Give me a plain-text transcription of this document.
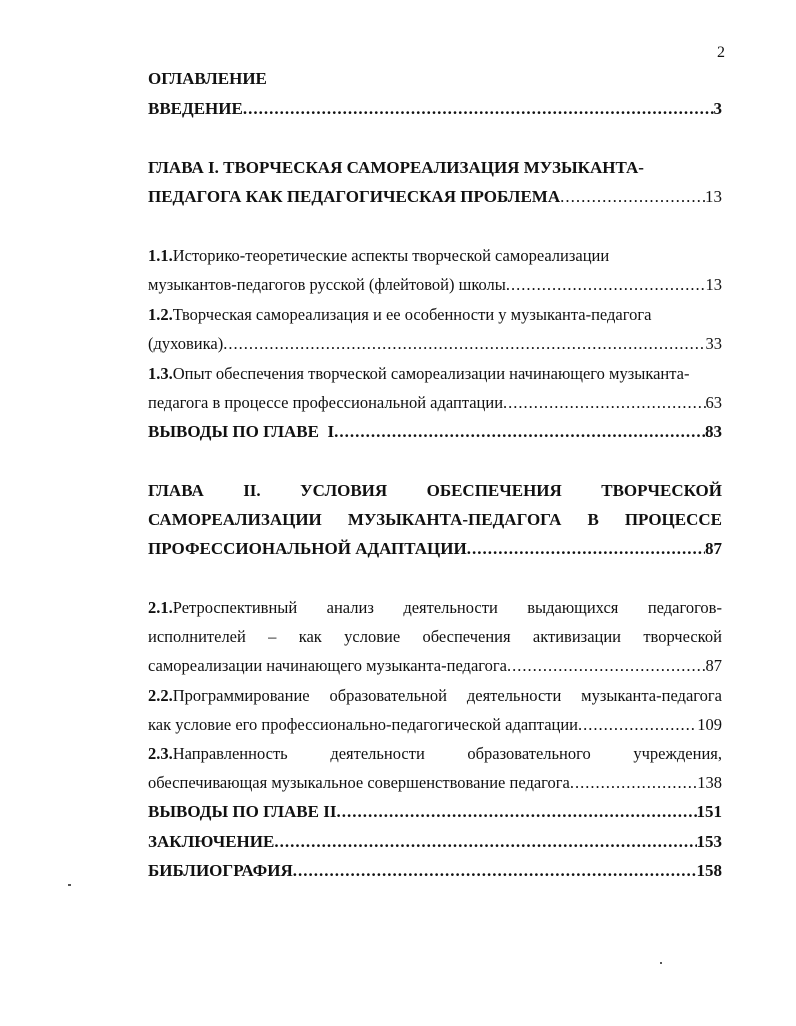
2
ОГЛАВЛЕНИЕ
ВВЕДЕНИЕ .....	3
ГЛАВА I. ТВОРЧЕСКАЯ САМОРЕАЛИЗАЦИЯ МУЗЫКАНТА-
ПЕДАГОГА КАК ПЕДАГОГИЧЕСКАЯ ПРОБЛЕМА .....	13
1.1.Историко-теоретические аспекты творческой самореализации
музыкантов-педагогов русской (флейтовой) школы .....	13
1.2.Творческая самореализация и ее особенности у музыканта-педагога
(духовика) .....	33
1.3.Опыт обеспечения творческой самореализации начинающего музыканта-
педагога в процессе профессиональной адаптации .....	63
ВЫВОДЫ ПО ГЛАВЕ  I .....	83
ГЛАВА II. УСЛОВИЯ ОБЕСПЕЧЕНИЯ ТВОРЧЕСКОЙ
САМОРЕАЛИЗАЦИИ МУЗЫКАНТА-ПЕДАГОГА В ПРОЦЕССЕ
ПРОФЕССИОНАЛЬНОЙ АДАПТАЦИИ .....	87
2.1.Ретроспективный анализ деятельности выдающихся педагогов-
исполнителей – как условие обеспечения активизации творческой
самореализации начинающего музыканта-педагога .....	87
2.2.Программирование образовательной деятельности музыканта-педагога
как условие его профессионально-педагогической адаптации .....	109
2.3.Направленность	деятельности	образовательного	учреждения,
обеспечивающая музыкальное совершенствование педагога .....	138
ВЫВОДЫ ПО ГЛАВЕ II .....	151
ЗАКЛЮЧЕНИЕ .....	153
БИБЛИОГРАФИЯ .....	158
